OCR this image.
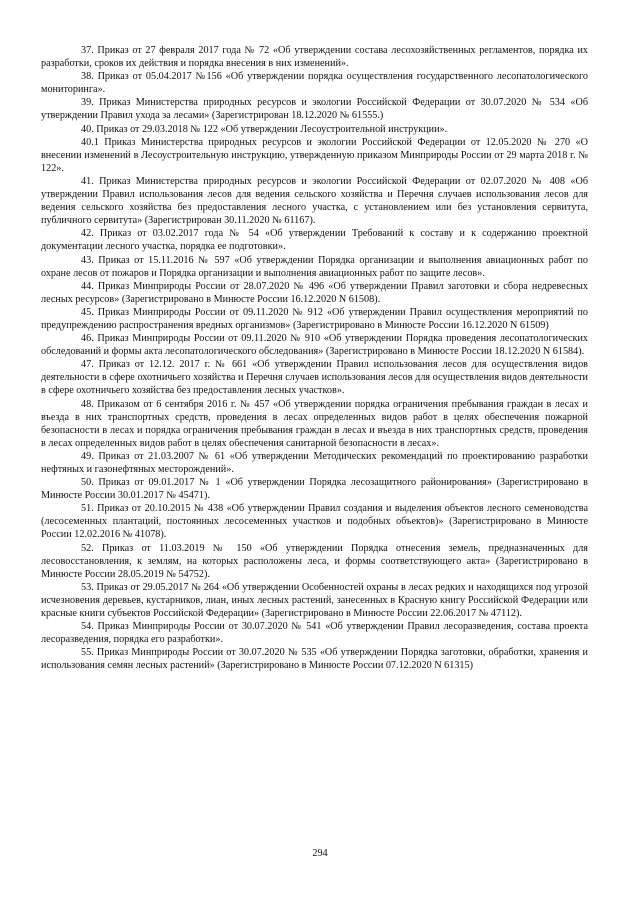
37. Приказ от 27 февраля 2017 года № 72 «Об утверждении состава лесохозяйственных регламентов, порядка их разработки, сроков их действия и порядка внесения в них изменений».

38. Приказ от 05.04.2017 №156 «Об утверждении порядка осуществления государственного лесопатологического мониторинга».

39. Приказ Министерства природных ресурсов и экологии Российской Федерации от 30.07.2020 № 534 «Об утверждении Правил ухода за лесами» (Зарегистрирован 18.12.2020 № 61555.)

40. Приказ от 29.03.2018 № 122 «Об утверждении Лесоустроительной инструкции».

40.1 Приказ Министерства природных ресурсов и экологии Российской Федерации от 12.05.2020 № 270 «О внесении изменений в Лесоустроительную инструкцию, утвержденную приказом Минприроды России от 29 марта 2018 г. № 122».

41. Приказ Министерства природных ресурсов и экологии Российской Федерации от 02.07.2020 № 408 «Об утверждении Правил использования лесов для ведения сельского хозяйства и Перечня случаев использования лесов для ведения сельского хозяйства без предоставления лесного участка, с установлением или без установления сервитута, публичного сервитута» (Зарегистрирован 30.11.2020 № 61167).

42. Приказ от 03.02.2017 года № 54 «Об утверждении Требований к составу и к содержанию проектной документации лесного участка, порядка ее подготовки».

43. Приказ от 15.11.2016 № 597 «Об утверждении Порядка организации и выполнения авиационных работ по охране лесов от пожаров и Порядка организации и выполнения авиационных работ по защите лесов».

44. Приказ Минприроды России от 28.07.2020 № 496 «Об утверждении Правил заготовки и сбора недревесных лесных ресурсов» (Зарегистрировано в Минюсте России 16.12.2020 N 61508).

45. Приказ Минприроды России от 09.11.2020 № 912 «Об утверждении Правил осуществления мероприятий по предупреждению распространения вредных организмов» (Зарегистрировано в Минюсте России 16.12.2020 N 61509)

46. Приказ Минприроды России от 09.11.2020 № 910 «Об утверждении Порядка проведения лесопатологических обследований и формы акта лесопатологического обследования» (Зарегистрировано в Минюсте России 18.12.2020 N 61584).

47. Приказ от 12.12. 2017 г. № 661 «Об утверждении Правил использования лесов для осуществления видов деятельности в сфере охотничьего хозяйства и Перечня случаев использования лесов для осуществления видов деятельности в сфере охотничьего хозяйства без предоставления лесных участков».

48. Приказом от 6 сентября 2016 г. № 457 «Об утверждении порядка ограничения пребывания граждан в лесах и въезда в них транспортных средств, проведения в лесах определенных видов работ в целях обеспечения пожарной безопасности в лесах и порядка ограничения пребывания граждан в лесах и въезда в них транспортных средств, проведения в лесах определенных видов работ в целях обеспечения санитарной безопасности в лесах».

49. Приказ от 21.03.2007 № 61 «Об утверждении Методических рекомендаций по проектированию разработки нефтяных и газонефтяных месторождений».

50. Приказ от 09.01.2017 № 1 «Об утверждении Порядка лесозащитного районирования» (Зарегистрировано в Минюсте России 30.01.2017 № 45471).

51. Приказ от 20.10.2015 № 438 «Об утверждении Правил создания и выделения объектов лесного семеноводства (лесосеменных плантаций, постоянных лесосеменных участков и подобных объектов)» (Зарегистрировано в Минюсте России 12.02.2016 № 41078).

52. Приказ от 11.03.2019 № 150 «Об утверждении Порядка отнесения земель, предназначенных для лесовосстановления, к землям, на которых расположены леса, и формы соответствующего акта» (Зарегистрировано в Минюсте России 28.05.2019 № 54752).

53. Приказ от 29.05.2017 № 264 «Об утверждении Особенностей охраны в лесах редких и находящихся под угрозой исчезновения деревьев, кустарников, лиан, иных лесных растений, занесенных в Красную книгу Российской Федерации или красные книги субъектов Российской Федерации» (Зарегистрировано в Минюсте России 22.06.2017 № 47112).

54. Приказ Минприроды России от 30.07.2020 № 541 «Об утверждении Правил лесоразведения, состава проекта лесоразведения, порядка его разработки».

55. Приказ Минприроды России от 30.07.2020 № 535 «Об утверждении Порядка заготовки, обработки, хранения и использования семян лесных растений» (Зарегистрировано в Минюсте России 07.12.2020 N 61315)

294
